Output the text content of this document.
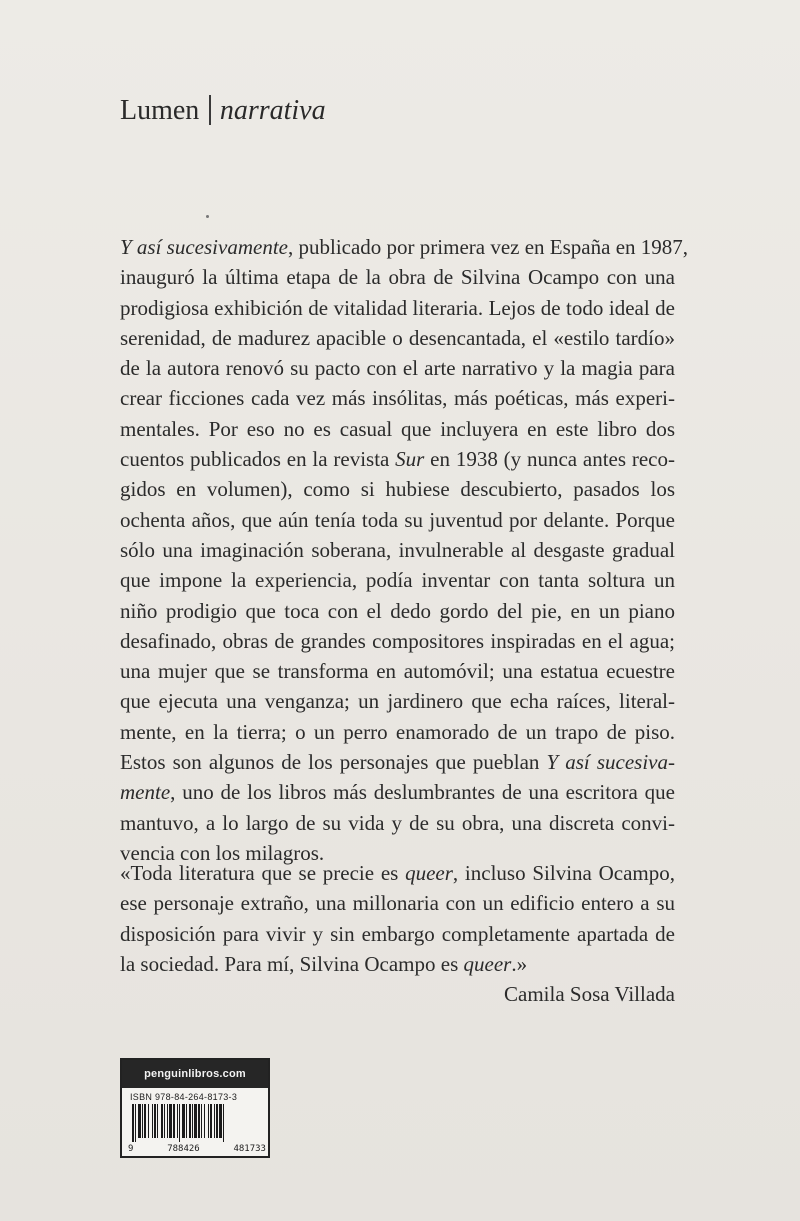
Lumen narrativa
Y así sucesivamente, publicado por primera vez en España en 1987,
inauguró la última etapa de la obra de Silvina Ocampo con una
prodigiosa exhibición de vitalidad literaria. Lejos de todo ideal de
serenidad, de madurez apacible o desencantada, el «estilo tardío»
de la autora renovó su pacto con el arte narrativo y la magia para
crear ficciones cada vez más insólitas, más poéticas, más experi-
mentales. Por eso no es casual que incluyera en este libro dos
cuentos publicados en la revista Sur en 1938 (y nunca antes reco-
gidos en volumen), como si hubiese descubierto, pasados los
ochenta años, que aún tenía toda su juventud por delante. Porque
sólo una imaginación soberana, invulnerable al desgaste gradual
que impone la experiencia, podía inventar con tanta soltura un
niño prodigio que toca con el dedo gordo del pie, en un piano
desafinado, obras de grandes compositores inspiradas en el agua;
una mujer que se transforma en automóvil; una estatua ecuestre
que ejecuta una venganza; un jardinero que echa raíces, literal-
mente, en la tierra; o un perro enamorado de un trapo de piso.
Estos son algunos de los personajes que pueblan Y así sucesiva-
mente, uno de los libros más deslumbrantes de una escritora que
mantuvo, a lo largo de su vida y de su obra, una discreta convi-
vencia con los milagros.
«Toda literatura que se precie es queer, incluso Silvina Ocampo,
ese personaje extraño, una millonaria con un edificio entero a su
disposición para vivir y sin embargo completamente apartada de
la sociedad. Para mí, Silvina Ocampo es queer.»
Camila Sosa Villada
penguinlibros.com
ISBN 978-84-264-8173-3
9	788426	481733
